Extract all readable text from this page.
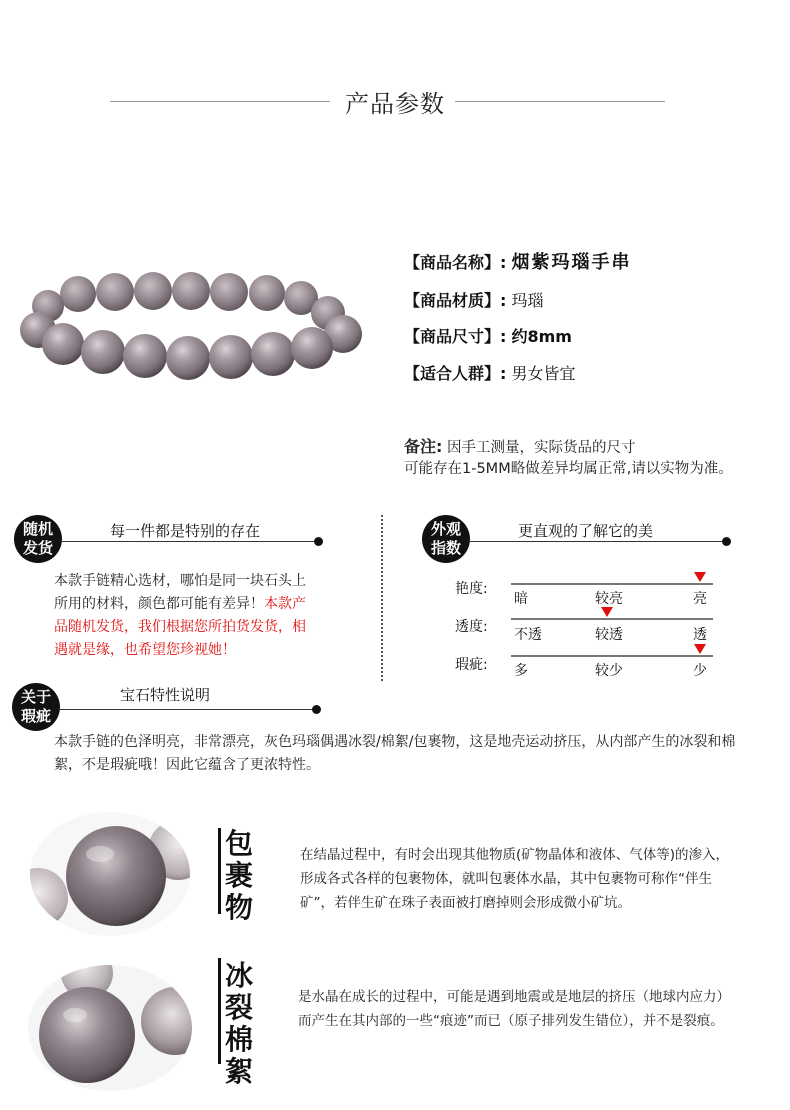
产品参数
【商品名称】: 烟紫玛瑙手串
【商品材质】: 玛瑙
【商品尺寸】: 约8mm
【适合人群】: 男女皆宜
备注: 因手工测量，实际货品的尺寸
可能存在1-5MM略做差异均属正常,请以实物为准。
随机
发货
每一件都是特别的存在
本款手链精心选材，哪怕是同一块石头上所用的材料，颜色都可能有差异！本款产品随机发货，我们根据您所拍货发货，相遇就是缘，也希望您珍视她！
外观
指数
更直观的了解它的美
艳度:
暗	较亮	亮
透度: 不透	较透	透
瑕疵: 多	较少	少
关于
瑕疵
宝石特性说明
本款手链的色泽明亮，非常漂亮，灰色玛瑙偶遇冰裂/棉絮/包裹物，这是地壳运动挤压，从内部产生的冰裂和棉絮，不是瑕疵哦！因此它蕴含了更浓特性。
包裹物
在结晶过程中，有时会出现其他物质(矿物晶体和液体、气体等)的渗入，形成各式各样的包裹物体，就叫包裹体水晶，其中包裹物可称作“伴生矿”，若伴生矿在珠子表面被打磨掉则会形成微小矿坑。
冰裂棉絮
是水晶在成长的过程中，可能是遇到地震或是地层的挤压（地球内应力）而产生在其内部的一些“痕迹”而已（原子排列发生错位），并不是裂痕。
